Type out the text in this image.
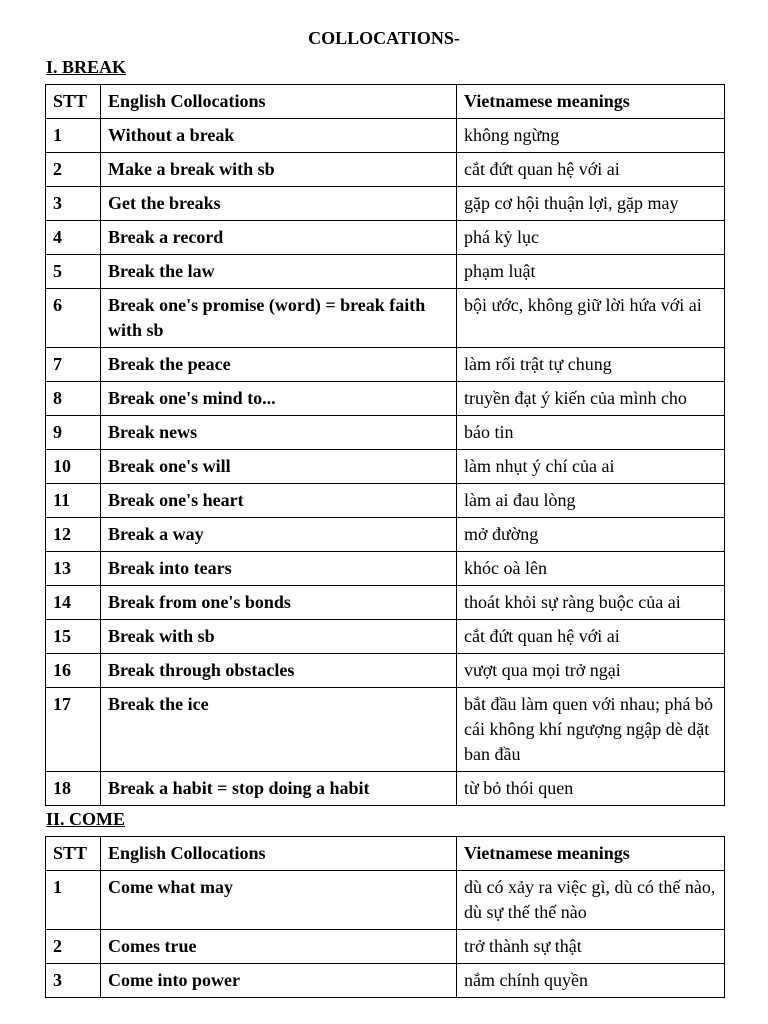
COLLOCATIONS-
I. BREAK
STT	English Collocations	Vietnamese meanings
1	Without a break	không ngừng
2	Make a break with sb	cắt đứt quan hệ với ai
3	Get the breaks	gặp cơ hội thuận lợi, gặp may
4	Break a record	phá kỷ lục
5	Break the law	phạm luật
6	Break one's promise (word) = break faith with sb	bội ước, không giữ lời hứa với ai
7	Break the peace	làm rối trật tự chung
8	Break one's mind to...	truyền đạt ý kiến của mình cho
9	Break news	báo tin
10	Break one's will	làm nhụt ý chí của ai
11	Break one's heart	làm ai đau lòng
12	Break a way	mở đường
13	Break into tears	khóc oà lên
14	Break from one's bonds	thoát khỏi sự ràng buộc của ai
15	Break with sb	cắt đứt quan hệ với ai
16	Break through obstacles	vượt qua mọi trở ngại
17	Break the ice	bắt đầu làm quen với nhau; phá bỏ cái không khí ngượng ngập dè dặt ban đầu
18	Break a habit = stop doing a habit	từ bỏ thói quen
II. COME
STT	English Collocations	Vietnamese meanings
1	Come what may	dù có xảy ra việc gì, dù có thế nào, dù sự thế thế nào
2	Comes true	trở thành sự thật
3	Come into power	nắm chính quyền
